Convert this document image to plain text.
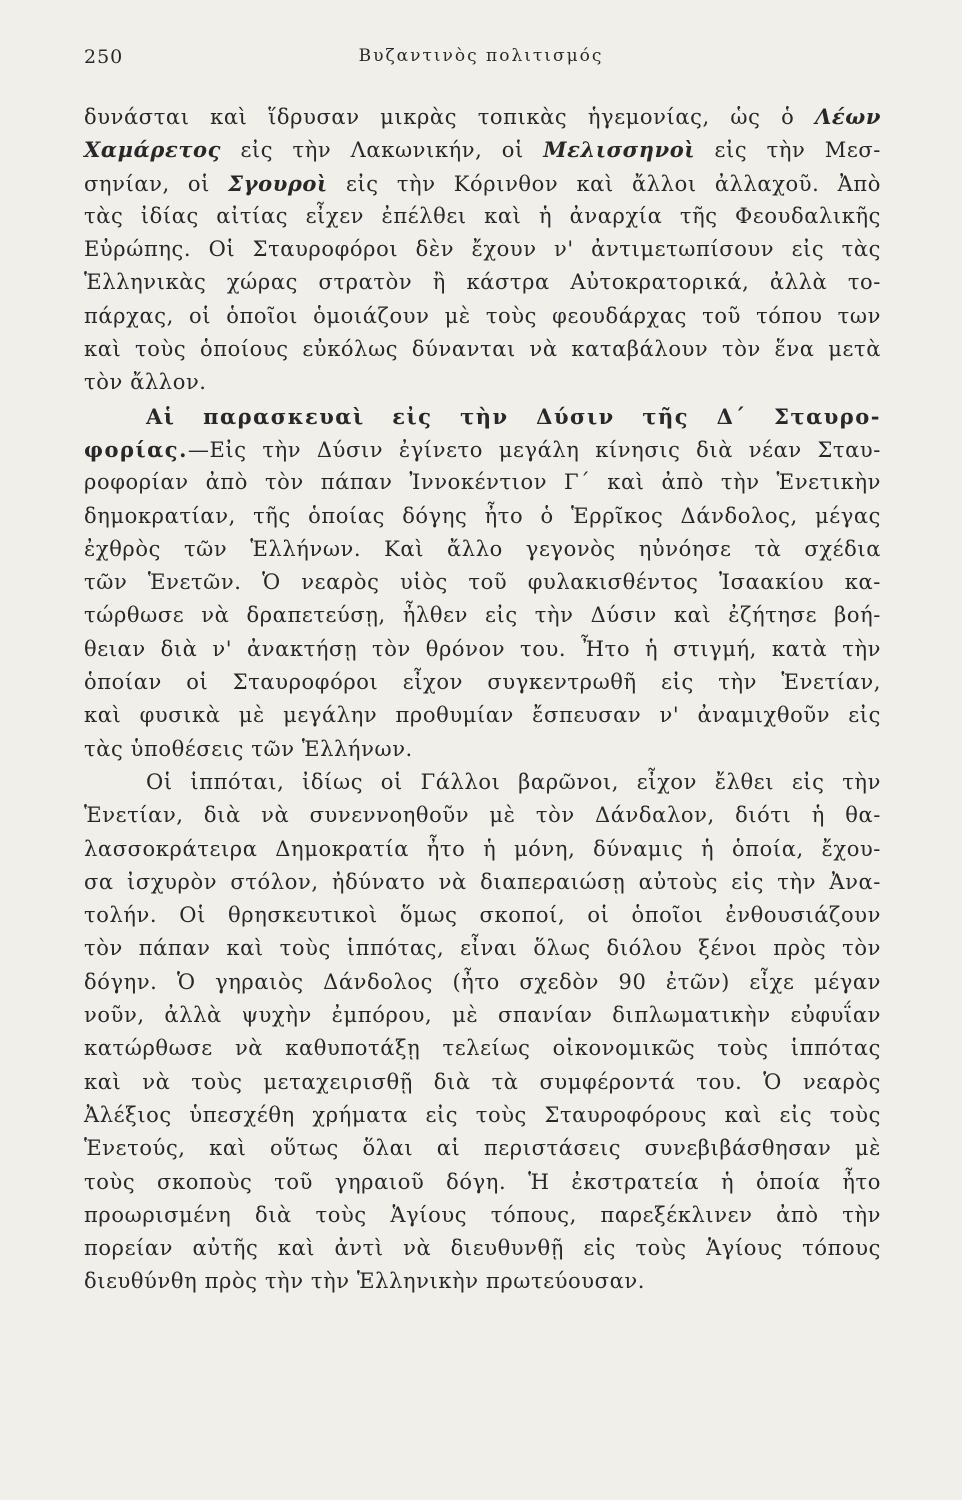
250	Βυζαντινὸς πολιτισμός
δυνάσται καὶ ἵδρυσαν μικρὰς τοπικὰς ἡγεμονίας, ὡς ὁ Λέων
Χαμάρετος εἰς τὴν Λακωνικήν, οἱ Μελισσηνοὶ εἰς τὴν Μεσ-
σηνίαν, οἱ Σγουροὶ εἰς τὴν Κόρινθον καὶ ἄλλοι ἀλλαχοῦ. Ἀπὸ
τὰς ἰδίας αἰτίας εἶχεν ἐπέλθει καὶ ἡ ἀναρχία τῆς Φεουδαλικῆς
Εὐρώπης. Οἱ Σταυροφόροι δὲν ἔχουν ν' ἀντιμετωπίσουν εἰς τὰς
Ἑλληνικὰς χώρας στρατὸν ἢ κάστρα Αὐτοκρατορικά, ἀλλὰ το-
πάρχας, οἱ ὁποῖοι ὁμοιάζουν μὲ τοὺς φεουδάρχας τοῦ τόπου των
καὶ τοὺς ὁποίους εὐκόλως δύνανται νὰ καταβάλουν τὸν ἕνα μετὰ
τὸν ἄλλον.
Αἱ παρασκευαὶ εἰς τὴν Δύσιν τῆς Δ΄ Σταυρο-
φορίας.—Εἰς τὴν Δύσιν ἐγίνετο μεγάλη κίνησις διὰ νέαν Σταυ-
ροφορίαν ἀπὸ τὸν πάπαν Ἰννοκέντιον Γ΄ καὶ ἀπὸ τὴν Ἑνετικὴν
δημοκρατίαν, τῆς ὁποίας δόγης ἦτο ὁ Ἑρρῖκος Δάνδολος, μέγας
ἐχθρὸς τῶν Ἑλλήνων. Καὶ ἄλλο γεγονὸς ηὐνόησε τὰ σχέδια
τῶν Ἑνετῶν. Ὁ νεαρὸς υἱὸς τοῦ φυλακισθέντος Ἰσαακίου κα-
τώρθωσε νὰ δραπετεύσῃ, ἦλθεν εἰς τὴν Δύσιν καὶ ἐζήτησε βοή-
θειαν διὰ ν' ἀνακτήσῃ τὸν θρόνον του. Ἦτο ἡ στιγμή, κατὰ τὴν
ὁποίαν οἱ Σταυροφόροι εἶχον συγκεντρωθῆ εἰς τὴν Ἑνετίαν,
καὶ φυσικὰ μὲ μεγάλην προθυμίαν ἔσπευσαν ν' ἀναμιχθοῦν εἰς
τὰς ὑποθέσεις τῶν Ἑλλήνων.
Οἱ ἱππόται, ἰδίως οἱ Γάλλοι βαρῶνοι, εἶχον ἔλθει εἰς τὴν
Ἑνετίαν, διὰ νὰ συνεννοηθοῦν μὲ τὸν Δάνδαλον, διότι ἡ θα-
λασσοκράτειρα Δημοκρατία ἦτο ἡ μόνη, δύναμις ἡ ὁποία, ἔχου-
σα ἰσχυρὸν στόλον, ἠδύνατο νὰ διαπεραιώσῃ αὐτοὺς εἰς τὴν Ἀνα-
τολήν. Οἱ θρησκευτικοὶ ὅμως σκοποί, οἱ ὁποῖοι ἐνθουσιάζουν
τὸν πάπαν καὶ τοὺς ἱππότας, εἶναι ὅλως διόλου ξένοι πρὸς τὸν
δόγην. Ὁ γηραιὸς Δάνδολος (ἦτο σχεδὸν 90 ἐτῶν) εἶχε μέγαν
νοῦν, ἀλλὰ ψυχὴν ἐμπόρου, μὲ σπανίαν διπλωματικὴν εὐφυΐαν
κατώρθωσε νὰ καθυποτάξῃ τελείως οἰκονομικῶς τοὺς ἱππότας
καὶ νὰ τοὺς μεταχειρισθῇ διὰ τὰ συμφέροντά του. Ὁ νεαρὸς
Ἀλέξιος ὑπεσχέθη χρήματα εἰς τοὺς Σταυροφόρους καὶ εἰς τοὺς
Ἑνετούς, καὶ οὕτως ὅλαι αἱ περιστάσεις συνεβιβάσθησαν μὲ
τοὺς σκοποὺς τοῦ γηραιοῦ δόγη. Ἡ ἐκστρατεία ἡ ὁποία ἦτο
προωρισμένη διὰ τοὺς Ἁγίους τόπους, παρεξέκλινεν ἀπὸ τὴν
πορείαν αὐτῆς καὶ ἀντὶ νὰ διευθυνθῇ εἰς τοὺς Ἁγίους τόπους
διευθύνθη πρὸς τὴν τὴν Ἑλληνικὴν πρωτεύουσαν.
